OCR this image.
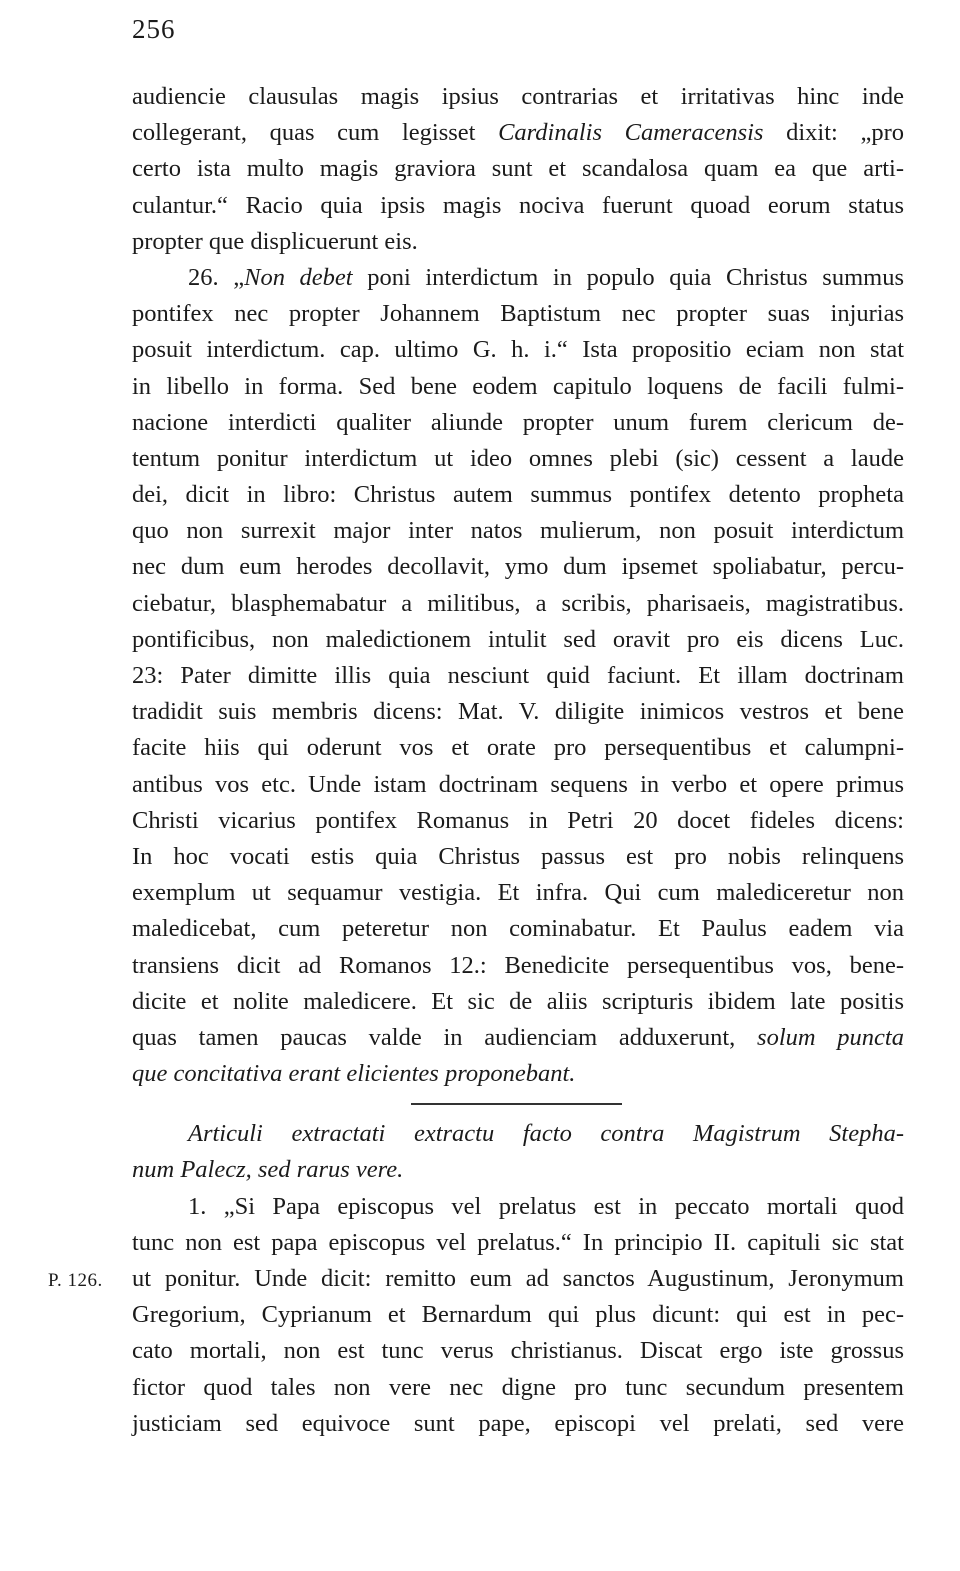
256
P. 126.
audiencie clausulas magis ipsius contrarias et irritativas hinc inde
collegerant, quas cum legisset Cardinalis Cameracensis dixit: „pro
certo ista multo magis graviora sunt et scandalosa quam ea que arti-
culantur.“ Racio quia ipsis magis nociva fuerunt quoad eorum status
propter que displicuerunt eis.
26. „Non debet poni interdictum in populo quia Christus summus
pontifex nec propter Johannem Baptistum nec propter suas injurias
posuit interdictum. cap. ultimo G. h. i.“ Ista propositio eciam non stat
in libello in forma. Sed bene eodem capitulo loquens de facili fulmi-
nacione interdicti qualiter aliunde propter unum furem clericum de-
tentum ponitur interdictum ut ideo omnes plebi (sic) cessent a laude
dei, dicit in libro: Christus autem summus pontifex detento propheta
quo non surrexit major inter natos mulierum, non posuit interdictum
nec dum eum herodes decollavit, ymo dum ipsemet spoliabatur, percu-
ciebatur, blasphemabatur a militibus, a scribis, pharisaeis, magistratibus.
pontificibus, non maledictionem intulit sed oravit pro eis dicens Luc.
23: Pater dimitte illis quia nesciunt quid faciunt. Et illam doctrinam
tradidit suis membris dicens: Mat. V. diligite inimicos vestros et bene
facite hiis qui oderunt vos et orate pro persequentibus et calumpni-
antibus vos etc. Unde istam doctrinam sequens in verbo et opere primus
Christi vicarius pontifex Romanus in Petri 20 docet fideles dicens:
In hoc vocati estis quia Christus passus est pro nobis relinquens
exemplum ut sequamur vestigia. Et infra. Qui cum malediceretur non
maledicebat, cum peteretur non cominabatur. Et Paulus eadem via
transiens dicit ad Romanos 12.: Benedicite persequentibus vos, bene-
dicite et nolite maledicere. Et sic de aliis scripturis ibidem late positis
quas tamen paucas valde in audienciam adduxerunt, solum puncta
que concitativa erant elicientes proponebant.
Articuli extractati extractu facto contra Magistrum Stepha-
num Palecz, sed rarus vere.
1. „Si Papa episcopus vel prelatus est in peccato mortali quod
tunc non est papa episcopus vel prelatus.“ In principio II. capituli sic stat
ut ponitur. Unde dicit: remitto eum ad sanctos Augustinum, Jeronymum
Gregorium, Cyprianum et Bernardum qui plus dicunt: qui est in pec-
cato mortali, non est tunc verus christianus. Discat ergo iste grossus
fictor quod tales non vere nec digne pro tunc secundum presentem
justiciam sed equivoce sunt pape, episcopi vel prelati, sed vere
